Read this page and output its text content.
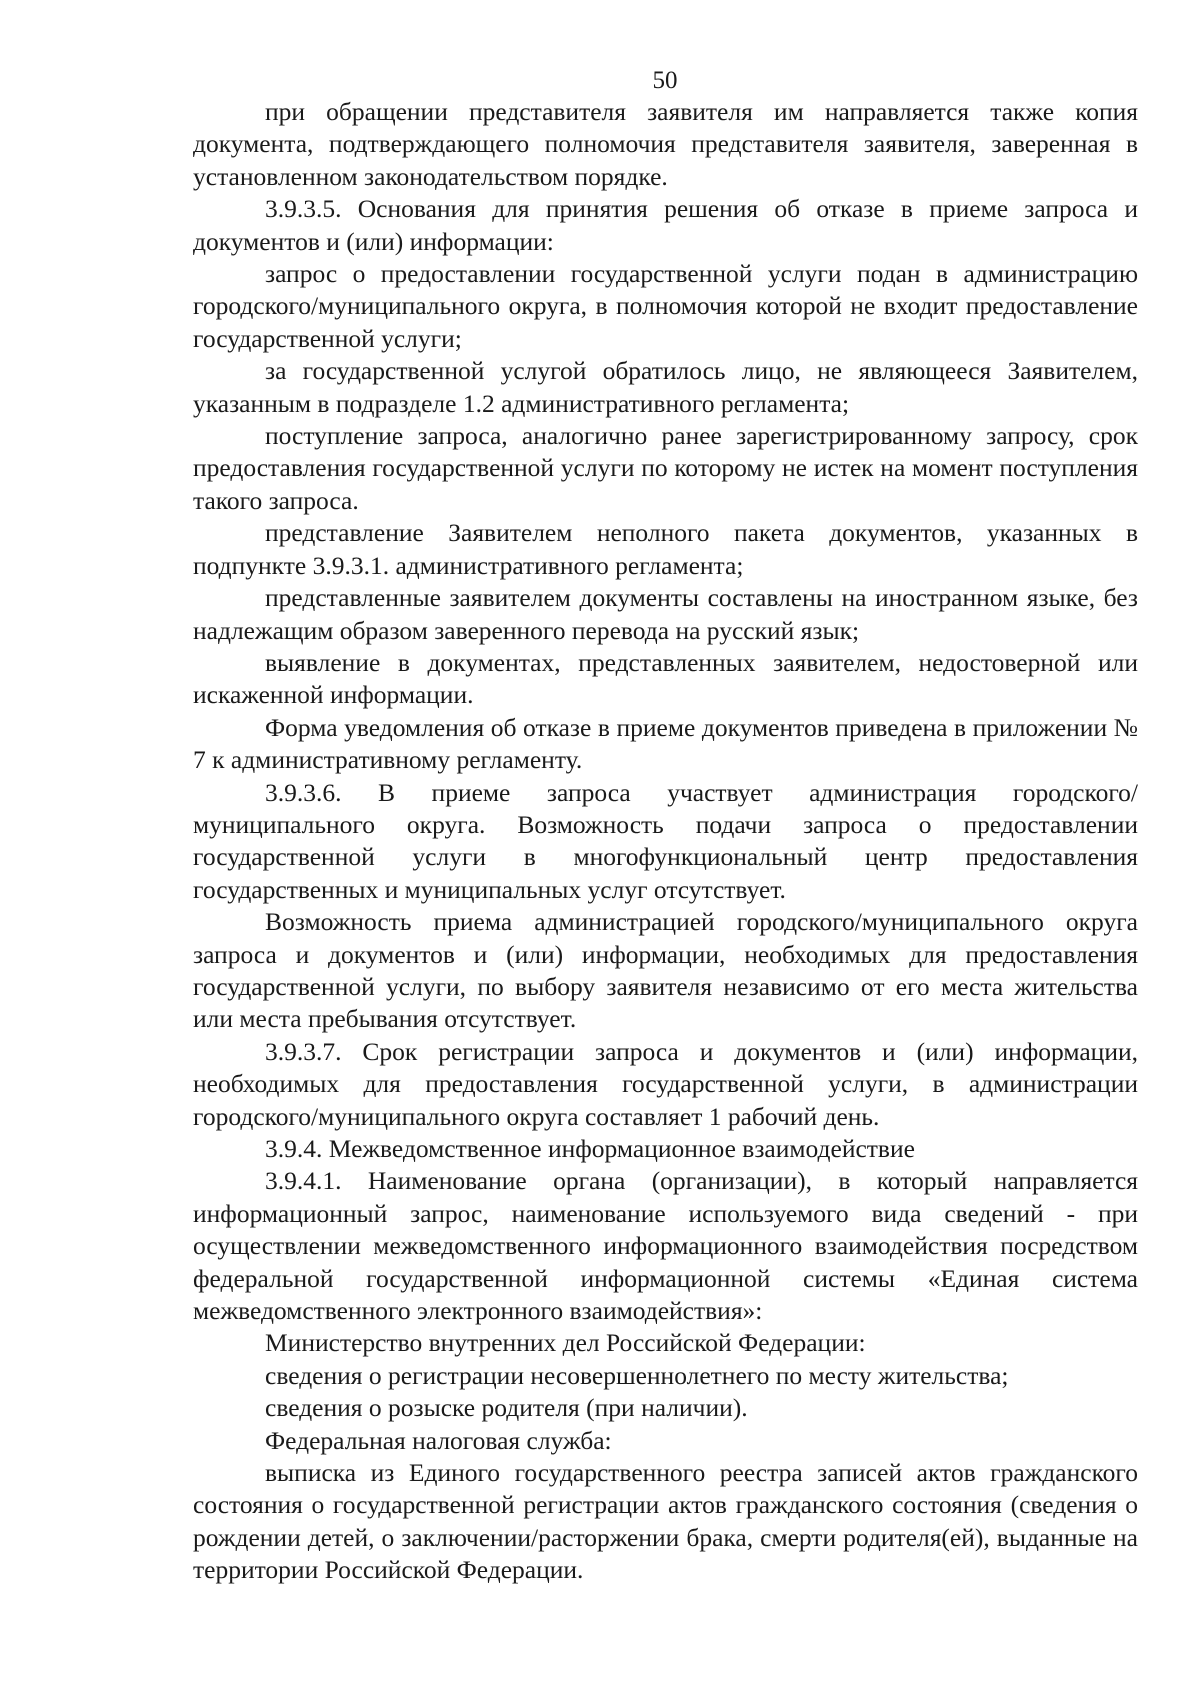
50

при обращении представителя заявителя им направляется также копия документа, подтверждающего полномочия представителя заявителя, заверенная в установленном законодательством порядке.

3.9.3.5. Основания для принятия решения об отказе в приеме запроса и документов и (или) информации:

запрос о предоставлении государственной услуги подан в администрацию городского/муниципального округа, в полномочия которой не входит предоставление государственной услуги;

за государственной услугой обратилось лицо, не являющееся Заявителем, указанным в подразделе 1.2 административного регламента;

поступление запроса, аналогично ранее зарегистрированному запросу, срок предоставления государственной услуги по которому не истек на момент поступления такого запроса.

представление Заявителем неполного пакета документов, указанных в подпункте 3.9.3.1. административного регламента;

представленные заявителем документы составлены на иностранном языке, без надлежащим образом заверенного перевода на русский язык;

выявление в документах, представленных заявителем, недостоверной или искаженной информации.

Форма уведомления об отказе в приеме документов приведена в приложении № 7 к административному регламенту.

3.9.3.6. В приеме запроса участвует администрация городского/муниципального округа. Возможность подачи запроса о предоставлении государственной услуги в многофункциональный центр предоставления государственных и муниципальных услуг отсутствует.

Возможность приема администрацией городского/муниципального округа запроса и документов и (или) информации, необходимых для предоставления государственной услуги, по выбору заявителя независимо от его места жительства или места пребывания отсутствует.

3.9.3.7. Срок регистрации запроса и документов и (или) информации, необходимых для предоставления государственной услуги, в администрации городского/муниципального округа составляет 1 рабочий день.

3.9.4. Межведомственное информационное взаимодействие

3.9.4.1. Наименование органа (организации), в который направляется информационный запрос, наименование используемого вида сведений - при осуществлении межведомственного информационного взаимодействия посредством федеральной государственной информационной системы «Единая система межведомственного электронного взаимодействия»:

Министерство внутренних дел Российской Федерации:

сведения о регистрации несовершеннолетнего по месту жительства;

сведения о розыске родителя (при наличии).

Федеральная налоговая служба:

выписка из Единого государственного реестра записей актов гражданского состояния о государственной регистрации актов гражданского состояния (сведения о рождении детей, о заключении/расторжении брака, смерти родителя(ей), выданные на территории Российской Федерации.
